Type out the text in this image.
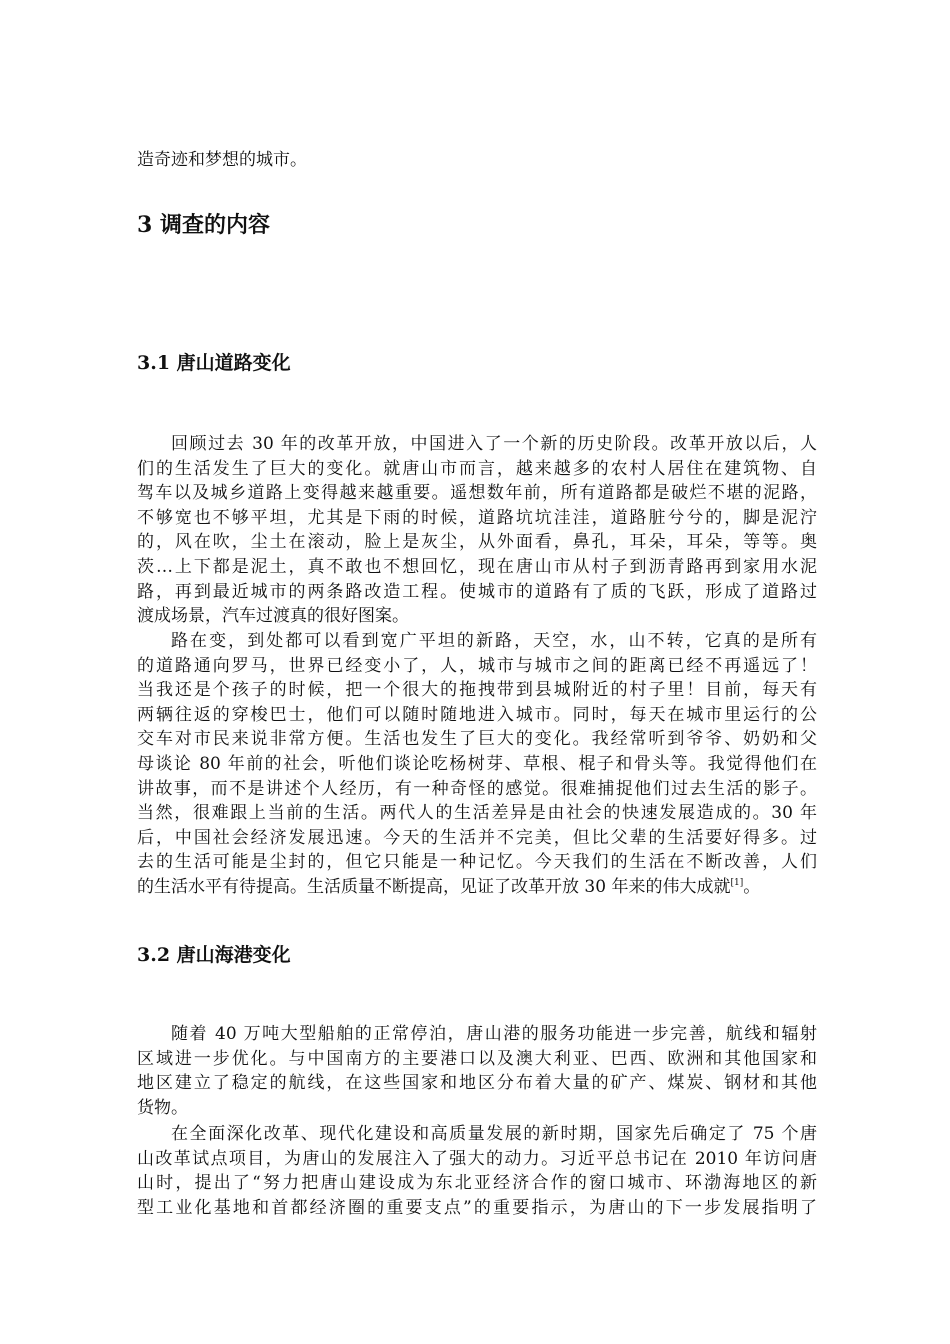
造奇迹和梦想的城市。
3 调查的内容
3.1 唐山道路变化
回顾过去 30 年的改革开放，中国进入了一个新的历史阶段。改革开放以后，人
们的生活发生了巨大的变化。就唐山市而言，越来越多的农村人居住在建筑物、自
驾车以及城乡道路上变得越来越重要。遥想数年前，所有道路都是破烂不堪的泥路，
不够宽也不够平坦，尤其是下雨的时候，道路坑坑洼洼，道路脏兮兮的，脚是泥泞
的，风在吹，尘土在滚动，脸上是灰尘，从外面看，鼻孔，耳朵，耳朵，等等。奥
茨…上下都是泥土，真不敢也不想回忆，现在唐山市从村子到沥青路再到家用水泥
路，再到最近城市的两条路改造工程。使城市的道路有了质的飞跃，形成了道路过
渡成场景，汽车过渡真的很好图案。
路在变，到处都可以看到宽广平坦的新路，天空，水，山不转，它真的是所有
的道路通向罗马，世界已经变小了，人，城市与城市之间的距离已经不再遥远了！
当我还是个孩子的时候，把一个很大的拖拽带到县城附近的村子里！目前，每天有
两辆往返的穿梭巴士，他们可以随时随地进入城市。同时，每天在城市里运行的公
交车对市民来说非常方便。生活也发生了巨大的变化。我经常听到爷爷、奶奶和父
母谈论 80 年前的社会，听他们谈论吃杨树芽、草根、棍子和骨头等。我觉得他们在
讲故事，而不是讲述个人经历，有一种奇怪的感觉。很难捕捉他们过去生活的影子。
当然，很难跟上当前的生活。两代人的生活差异是由社会的快速发展造成的。30 年
后，中国社会经济发展迅速。今天的生活并不完美，但比父辈的生活要好得多。过
去的生活可能是尘封的，但它只能是一种记忆。今天我们的生活在不断改善，人们
的生活水平有待提高。生活质量不断提高，见证了改革开放 30 年来的伟大成就[1]。
3.2 唐山海港变化
随着 40 万吨大型船舶的正常停泊，唐山港的服务功能进一步完善，航线和辐射
区域进一步优化。与中国南方的主要港口以及澳大利亚、巴西、欧洲和其他国家和
地区建立了稳定的航线，在这些国家和地区分布着大量的矿产、煤炭、钢材和其他
货物。
在全面深化改革、现代化建设和高质量发展的新时期，国家先后确定了 75 个唐
山改革试点项目，为唐山的发展注入了强大的动力。习近平总书记在 2010 年访问唐
山时，提出了“努力把唐山建设成为东北亚经济合作的窗口城市、环渤海地区的新
型工业化基地和首都经济圈的重要支点”的重要指示，为唐山的下一步发展指明了
